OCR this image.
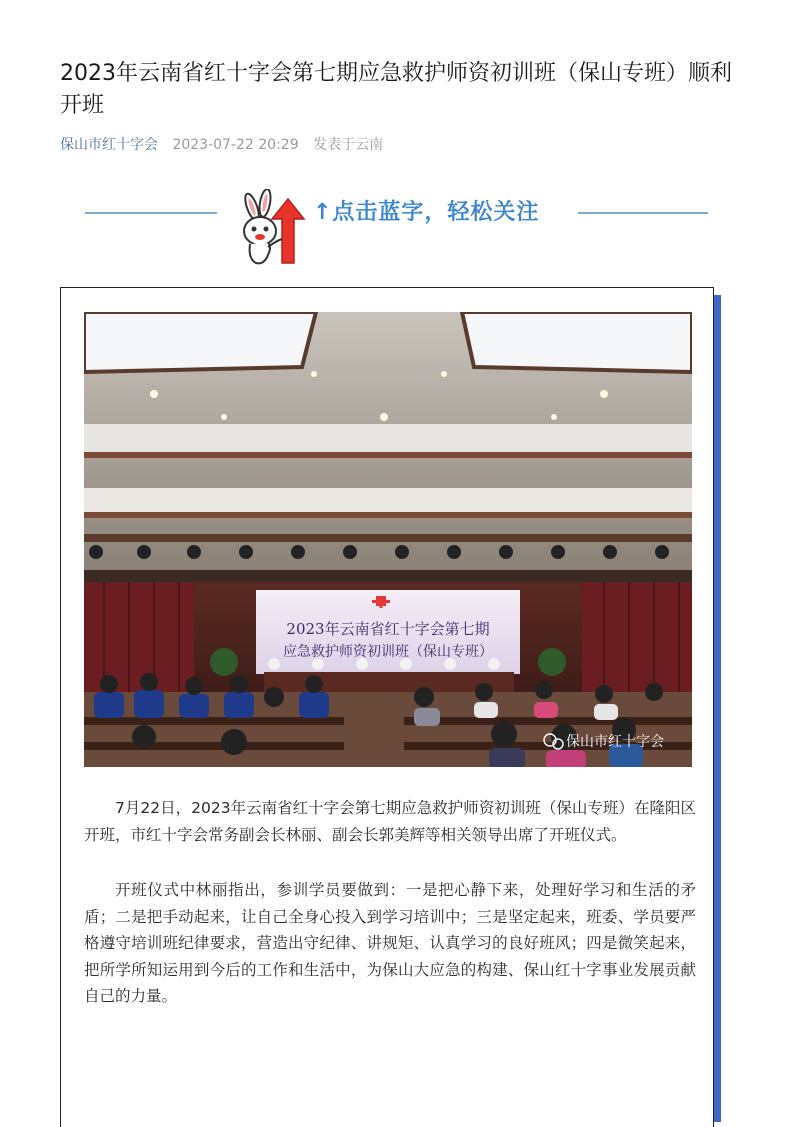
2023年云南省红十字会第七期应急救护师资初训班（保山专班）顺利开班
保山市红十字会 2023-07-22 20:29 发表于云南
↑点击蓝字，轻松关注
保山市红十字会
2023年云南省红十字会第七期
应急救护师资初训班（保山专班）

7月22日，2023年云南省红十字会第七期应急救护师资初训班（保山专班）在隆阳区开班，市红十字会常务副会长林丽、副会长郭美辉等相关领导出席了开班仪式。

开班仪式中林丽指出，参训学员要做到：一是把心静下来，处理好学习和生活的矛盾；二是把手动起来，让自己全身心投入到学习培训中；三是坚定起来，班委、学员要严格遵守培训班纪律要求，营造出守纪律、讲规矩、认真学习的良好班风；四是微笑起来，把所学所知运用到今后的工作和生活中，为保山大应急的构建、保山红十字事业发展贡献自己的力量。
